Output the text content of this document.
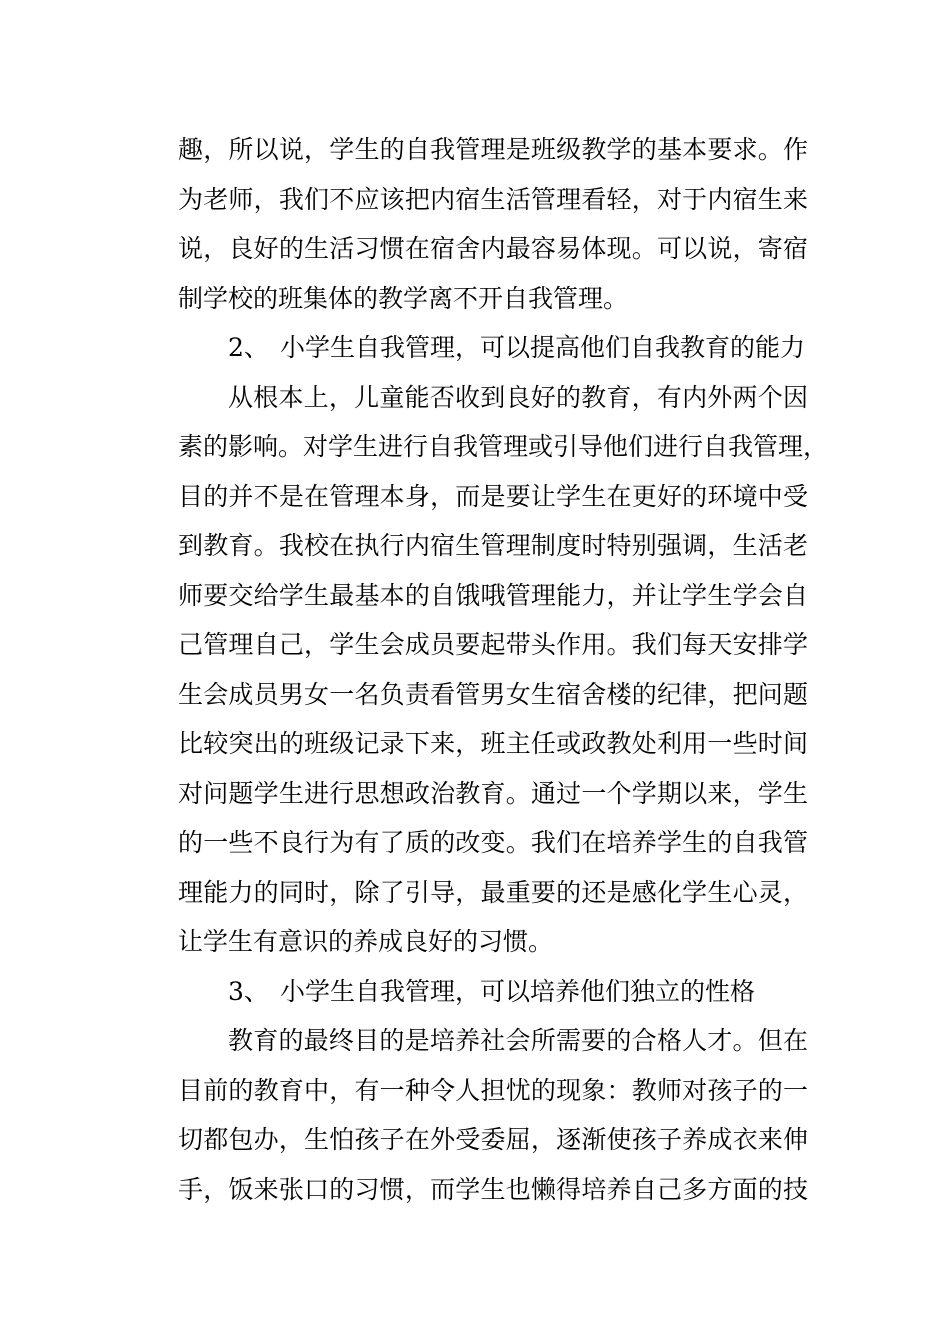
趣，所以说，学生的自我管理是班级教学的基本要求。作
为老师，我们不应该把内宿生活管理看轻，对于内宿生来
说，良好的生活习惯在宿舍内最容易体现。可以说，寄宿
制学校的班集体的教学离不开自我管理。
2、 小学生自我管理，可以提高他们自我教育的能力
从根本上，儿童能否收到良好的教育，有内外两个因
素的影响。对学生进行自我管理或引导他们进行自我管理，
目的并不是在管理本身，而是要让学生在更好的环境中受
到教育。我校在执行内宿生管理制度时特别强调，生活老
师要交给学生最基本的自饿哦管理能力，并让学生学会自
己管理自己，学生会成员要起带头作用。我们每天安排学
生会成员男女一名负责看管男女生宿舍楼的纪律，把问题
比较突出的班级记录下来，班主任或政教处利用一些时间
对问题学生进行思想政治教育。通过一个学期以来，学生
的一些不良行为有了质的改变。我们在培养学生的自我管
理能力的同时，除了引导，最重要的还是感化学生心灵，
让学生有意识的养成良好的习惯。
3、 小学生自我管理，可以培养他们独立的性格
教育的最终目的是培养社会所需要的合格人才。但在
目前的教育中，有一种令人担忧的现象：教师对孩子的一
切都包办，生怕孩子在外受委屈，逐渐使孩子养成衣来伸
手，饭来张口的习惯，而学生也懒得培养自己多方面的技
